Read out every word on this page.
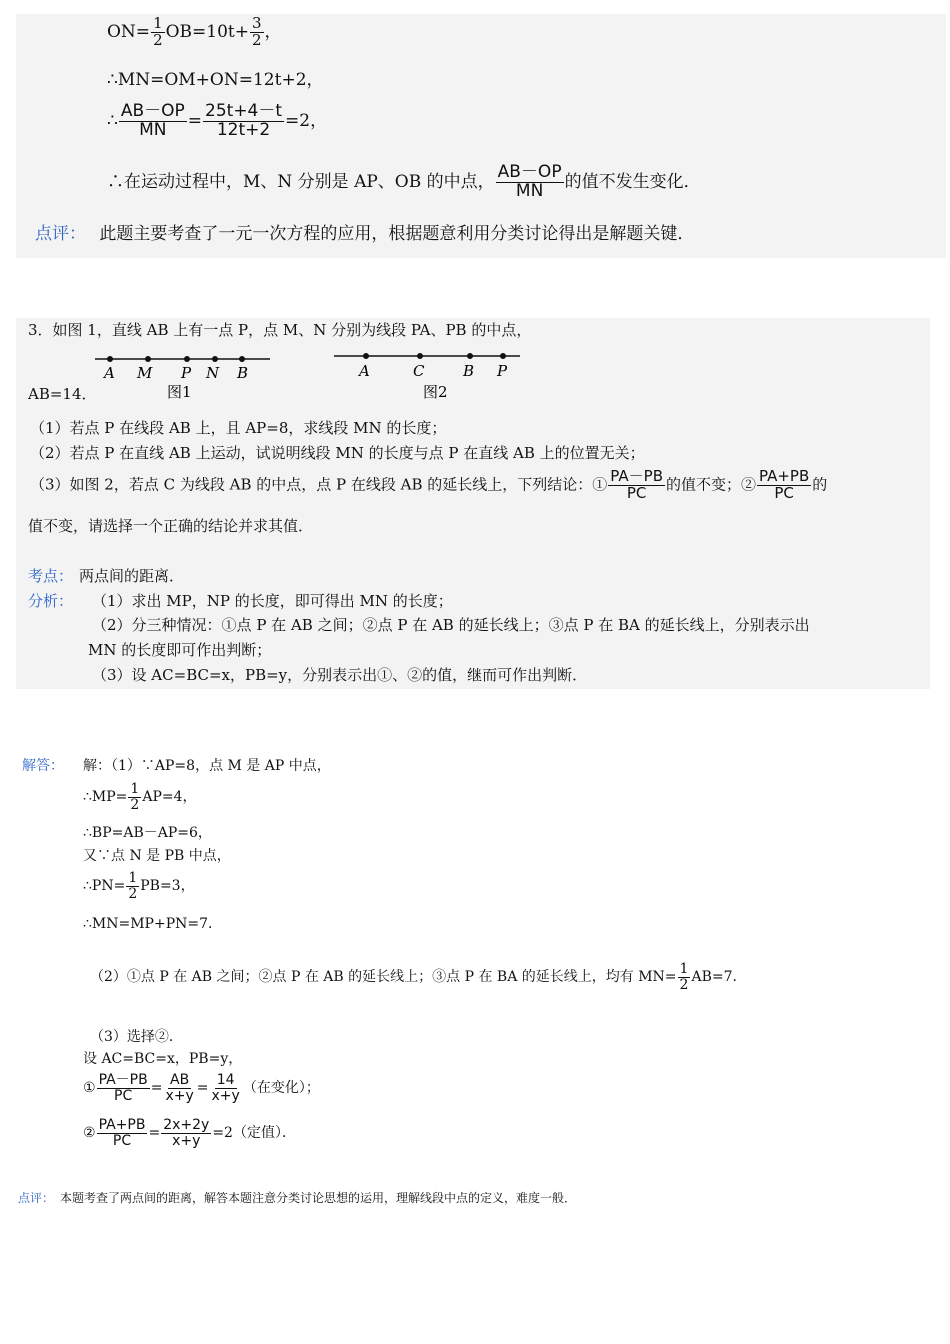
$ON= \frac{1}{2} OB=10t+ \frac{3}{2}$ ，
∴MN=OM+ON=12t+2，
∴ $\frac{AB-OP}{MN} = \frac{25t+4-t}{12t+2} =2$，
∴在运动过程中，M、N 分别是 AP、OB 的中点， $\frac{AB-OP}{MN}$ 的值不发生变化．
点评： 此题主要考查了一元一次方程的应用，根据题意利用分类讨论得出是解题关键．
3．如图 1，直线 AB 上有一点 P，点 M、N 分别为线段 PA、PB 的中点，
A M P N B
图1
A	C	B P
图2
AB=14．
（1）若点 P 在线段 AB 上，且 AP=8，求线段 MN 的长度；
（2）若点 P 在直线 AB 上运动，试说明线段 MN 的长度与点 P 在直线 AB 上的位置无关；
（3）如图 2，若点 C 为线段 AB 的中点，点 P 在线段 AB 的延长线上，下列结论：① $\frac{PA-PB}{PC}$ 的值不变；② $\frac{PA+PB}{PC}$ 的
值不变，请选择一个正确的结论并求其值．
考点： 两点间的距离．
分析： （1）求出 MP，NP 的长度，即可得出 MN 的长度；
（2）分三种情况：①点 P 在 AB 之间；②点 P 在 AB 的延长线上；③点 P 在 BA 的延长线上，分别表示出
MN 的长度即可作出判断；
（3）设 AC=BC=x，PB=y，分别表示出①、②的值，继而可作出判断．
解答： 解：（1）∵AP=8，点 M 是 AP 中点，
∴MP= $\frac{1}{2} AP=4$，
∴BP=AB－AP=6，
又∵点 N 是 PB 中点，
∴PN= $\frac{1}{2} PB=3$，
∴MN=MP+PN=7．
（2）①点 P 在 AB 之间；②点 P 在 AB 的延长线上；③点 P 在 BA 的延长线上，均有 $MN= \frac{1}{2} AB=7$．
（3）选择②．
设 AC=BC=x，PB=y，
① $\frac{PA-PB}{PC} = \frac{AB}{x+y} = \frac{14}{x+y}$ （在变化）；
② $\frac{PA+PB}{PC} = \frac{2x+2y}{x+y} =2$（定值）．
点评： 本题考查了两点间的距离，解答本题注意分类讨论思想的运用，理解线段中点的定义，难度一般．
